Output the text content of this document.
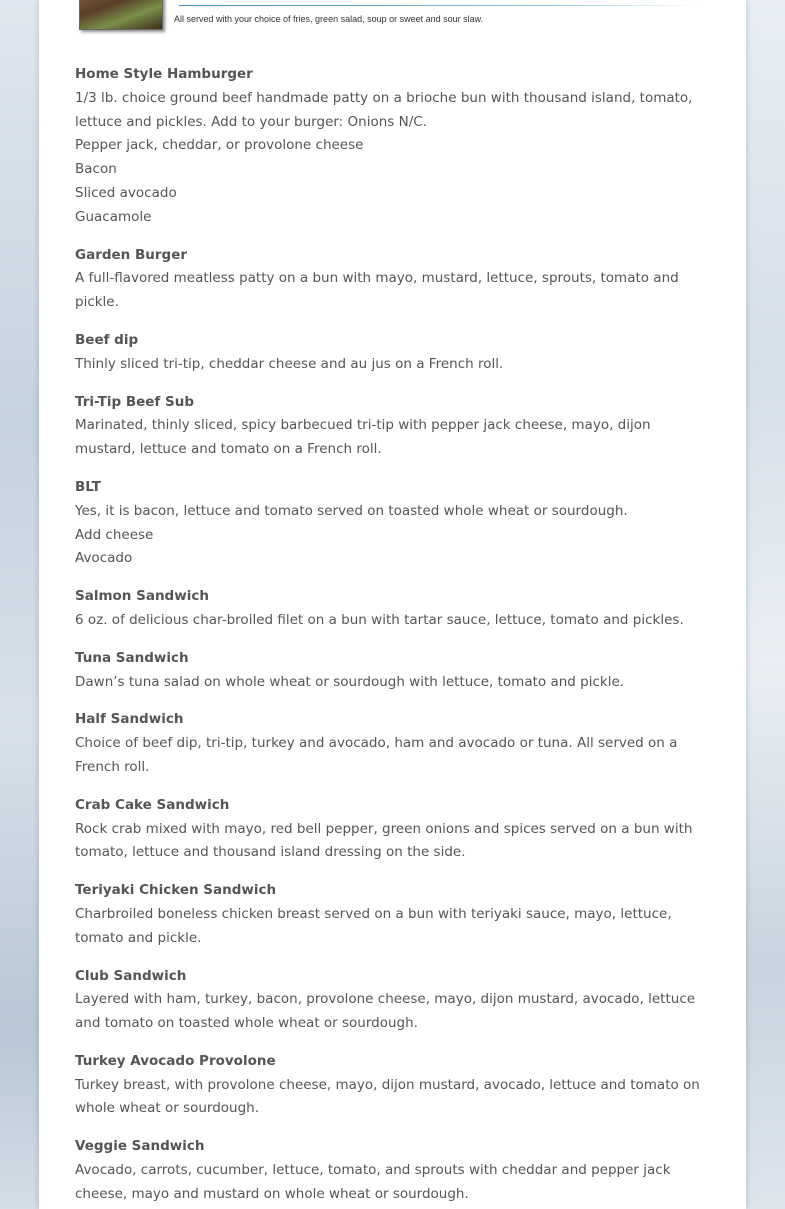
All served with your choice of fries, green salad, soup or sweet and sour slaw.
Home Style Hamburger
1/3 lb. choice ground beef handmade patty on a brioche bun with thousand island, tomato, lettuce and pickles. Add to your burger: Onions N/C.
Pepper jack, cheddar, or provolone cheese
Bacon
Sliced avocado
Guacamole
Garden Burger
A full-flavored meatless patty on a bun with mayo, mustard, lettuce, sprouts, tomato and pickle.
Beef dip
Thinly sliced tri-tip, cheddar cheese and au jus on a French roll.
Tri-Tip Beef Sub
Marinated, thinly sliced, spicy barbecued tri-tip with pepper jack cheese, mayo, dijon mustard, lettuce and tomato on a French roll.
BLT
Yes, it is bacon, lettuce and tomato served on toasted whole wheat or sourdough.
Add cheese
Avocado
Salmon Sandwich
6 oz. of delicious char-broiled filet on a bun with tartar sauce, lettuce, tomato and pickles.
Tuna Sandwich
Dawn’s tuna salad on whole wheat or sourdough with lettuce, tomato and pickle.
Half Sandwich
Choice of beef dip, tri-tip, turkey and avocado, ham and avocado or tuna. All served on a French roll.
Crab Cake Sandwich
Rock crab mixed with mayo, red bell pepper, green onions and spices served on a bun with tomato, lettuce and thousand island dressing on the side.
Teriyaki Chicken Sandwich
Charbroiled boneless chicken breast served on a bun with teriyaki sauce, mayo, lettuce, tomato and pickle.
Club Sandwich
Layered with ham, turkey, bacon, provolone cheese, mayo, dijon mustard, avocado, lettuce and tomato on toasted whole wheat or sourdough.
Turkey Avocado Provolone
Turkey breast, with provolone cheese, mayo, dijon mustard, avocado, lettuce and tomato on whole wheat or sourdough.
Veggie Sandwich
Avocado, carrots, cucumber, lettuce, tomato, and sprouts with cheddar and pepper jack cheese, mayo and mustard on whole wheat or sourdough.
